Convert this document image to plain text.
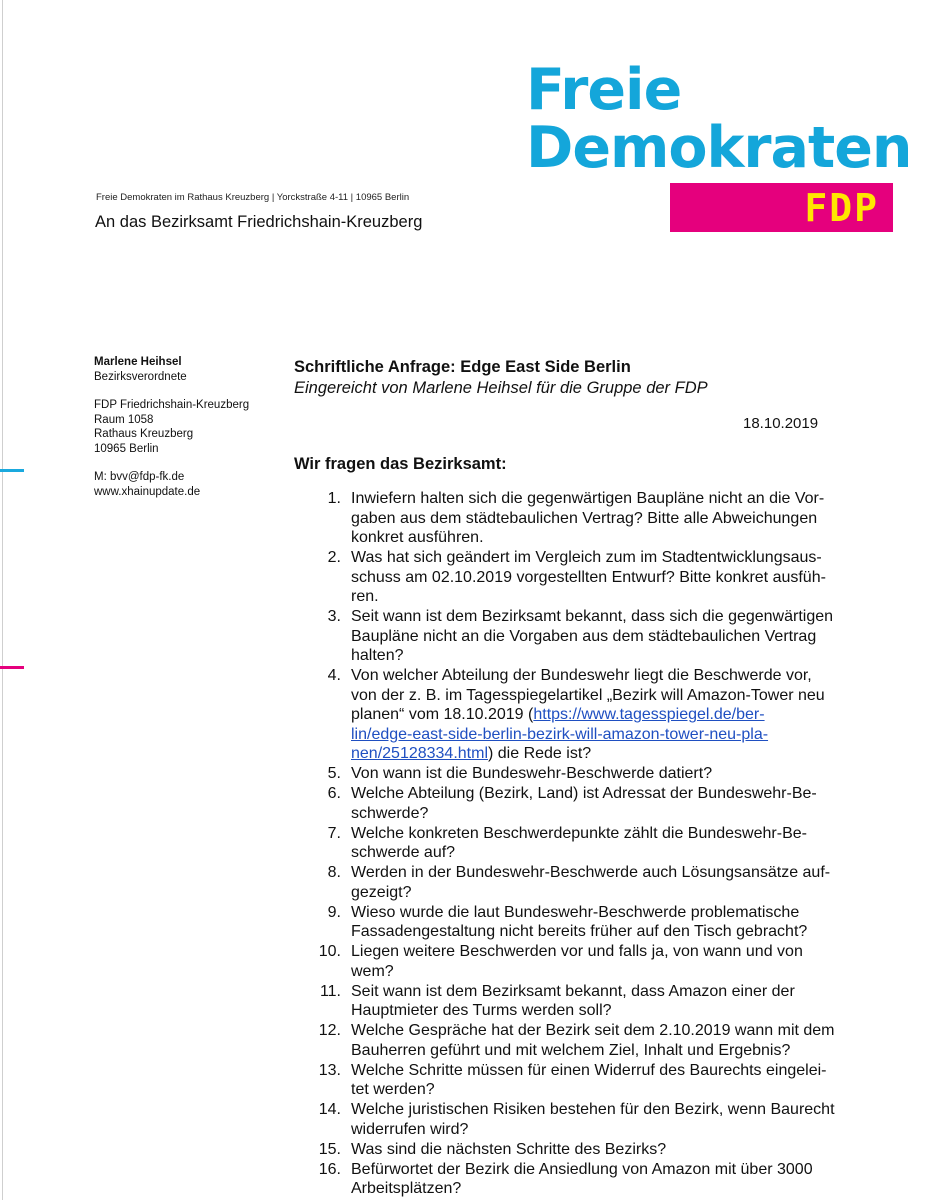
Freie
Demokraten
FDP
Freie Demokraten im Rathaus Kreuzberg | Yorckstraße 4-11 | 10965 Berlin
An das Bezirksamt Friedrichshain-Kreuzberg
Marlene Heihsel
Bezirksverordnete
FDP Friedrichshain-Kreuzberg
Raum 1058
Rathaus Kreuzberg
10965 Berlin
M: bvv@fdp-fk.de
www.xhainupdate.de
Schriftliche Anfrage: Edge East Side Berlin
Eingereicht von Marlene Heihsel für die Gruppe der FDP
18.10.2019
Wir fragen das Bezirksamt:
1. Inwiefern halten sich die gegenwärtigen Baupläne nicht an die Vor-
gaben aus dem städtebaulichen Vertrag? Bitte alle Abweichungen
konkret ausführen.
2. Was hat sich geändert im Vergleich zum im Stadtentwicklungsaus-
schuss am 02.10.2019 vorgestellten Entwurf? Bitte konkret ausfüh-
ren.
3. Seit wann ist dem Bezirksamt bekannt, dass sich die gegenwärtigen
Baupläne nicht an die Vorgaben aus dem städtebaulichen Vertrag
halten?
4. Von welcher Abteilung der Bundeswehr liegt die Beschwerde vor,
von der z. B. im Tagesspiegelartikel „Bezirk will Amazon-Tower neu
planen“ vom 18.10.2019 (https://www.tagesspiegel.de/ber-
lin/edge-east-side-berlin-bezirk-will-amazon-tower-neu-pla-
nen/25128334.html) die Rede ist?
5. Von wann ist die Bundeswehr-Beschwerde datiert?
6. Welche Abteilung (Bezirk, Land) ist Adressat der Bundeswehr-Be-
schwerde?
7. Welche konkreten Beschwerdepunkte zählt die Bundeswehr-Be-
schwerde auf?
8. Werden in der Bundeswehr-Beschwerde auch Lösungsansätze auf-
gezeigt?
9. Wieso wurde die laut Bundeswehr-Beschwerde problematische
Fassadengestaltung nicht bereits früher auf den Tisch gebracht?
10. Liegen weitere Beschwerden vor und falls ja, von wann und von
wem?
11. Seit wann ist dem Bezirksamt bekannt, dass Amazon einer der
Hauptmieter des Turms werden soll?
12. Welche Gespräche hat der Bezirk seit dem 2.10.2019 wann mit dem
Bauherren geführt und mit welchem Ziel, Inhalt und Ergebnis?
13. Welche Schritte müssen für einen Widerruf des Baurechts eingelei-
tet werden?
14. Welche juristischen Risiken bestehen für den Bezirk, wenn Baurecht
widerrufen wird?
15. Was sind die nächsten Schritte des Bezirks?
16. Befürwortet der Bezirk die Ansiedlung von Amazon mit über 3000
Arbeitsplätzen?
